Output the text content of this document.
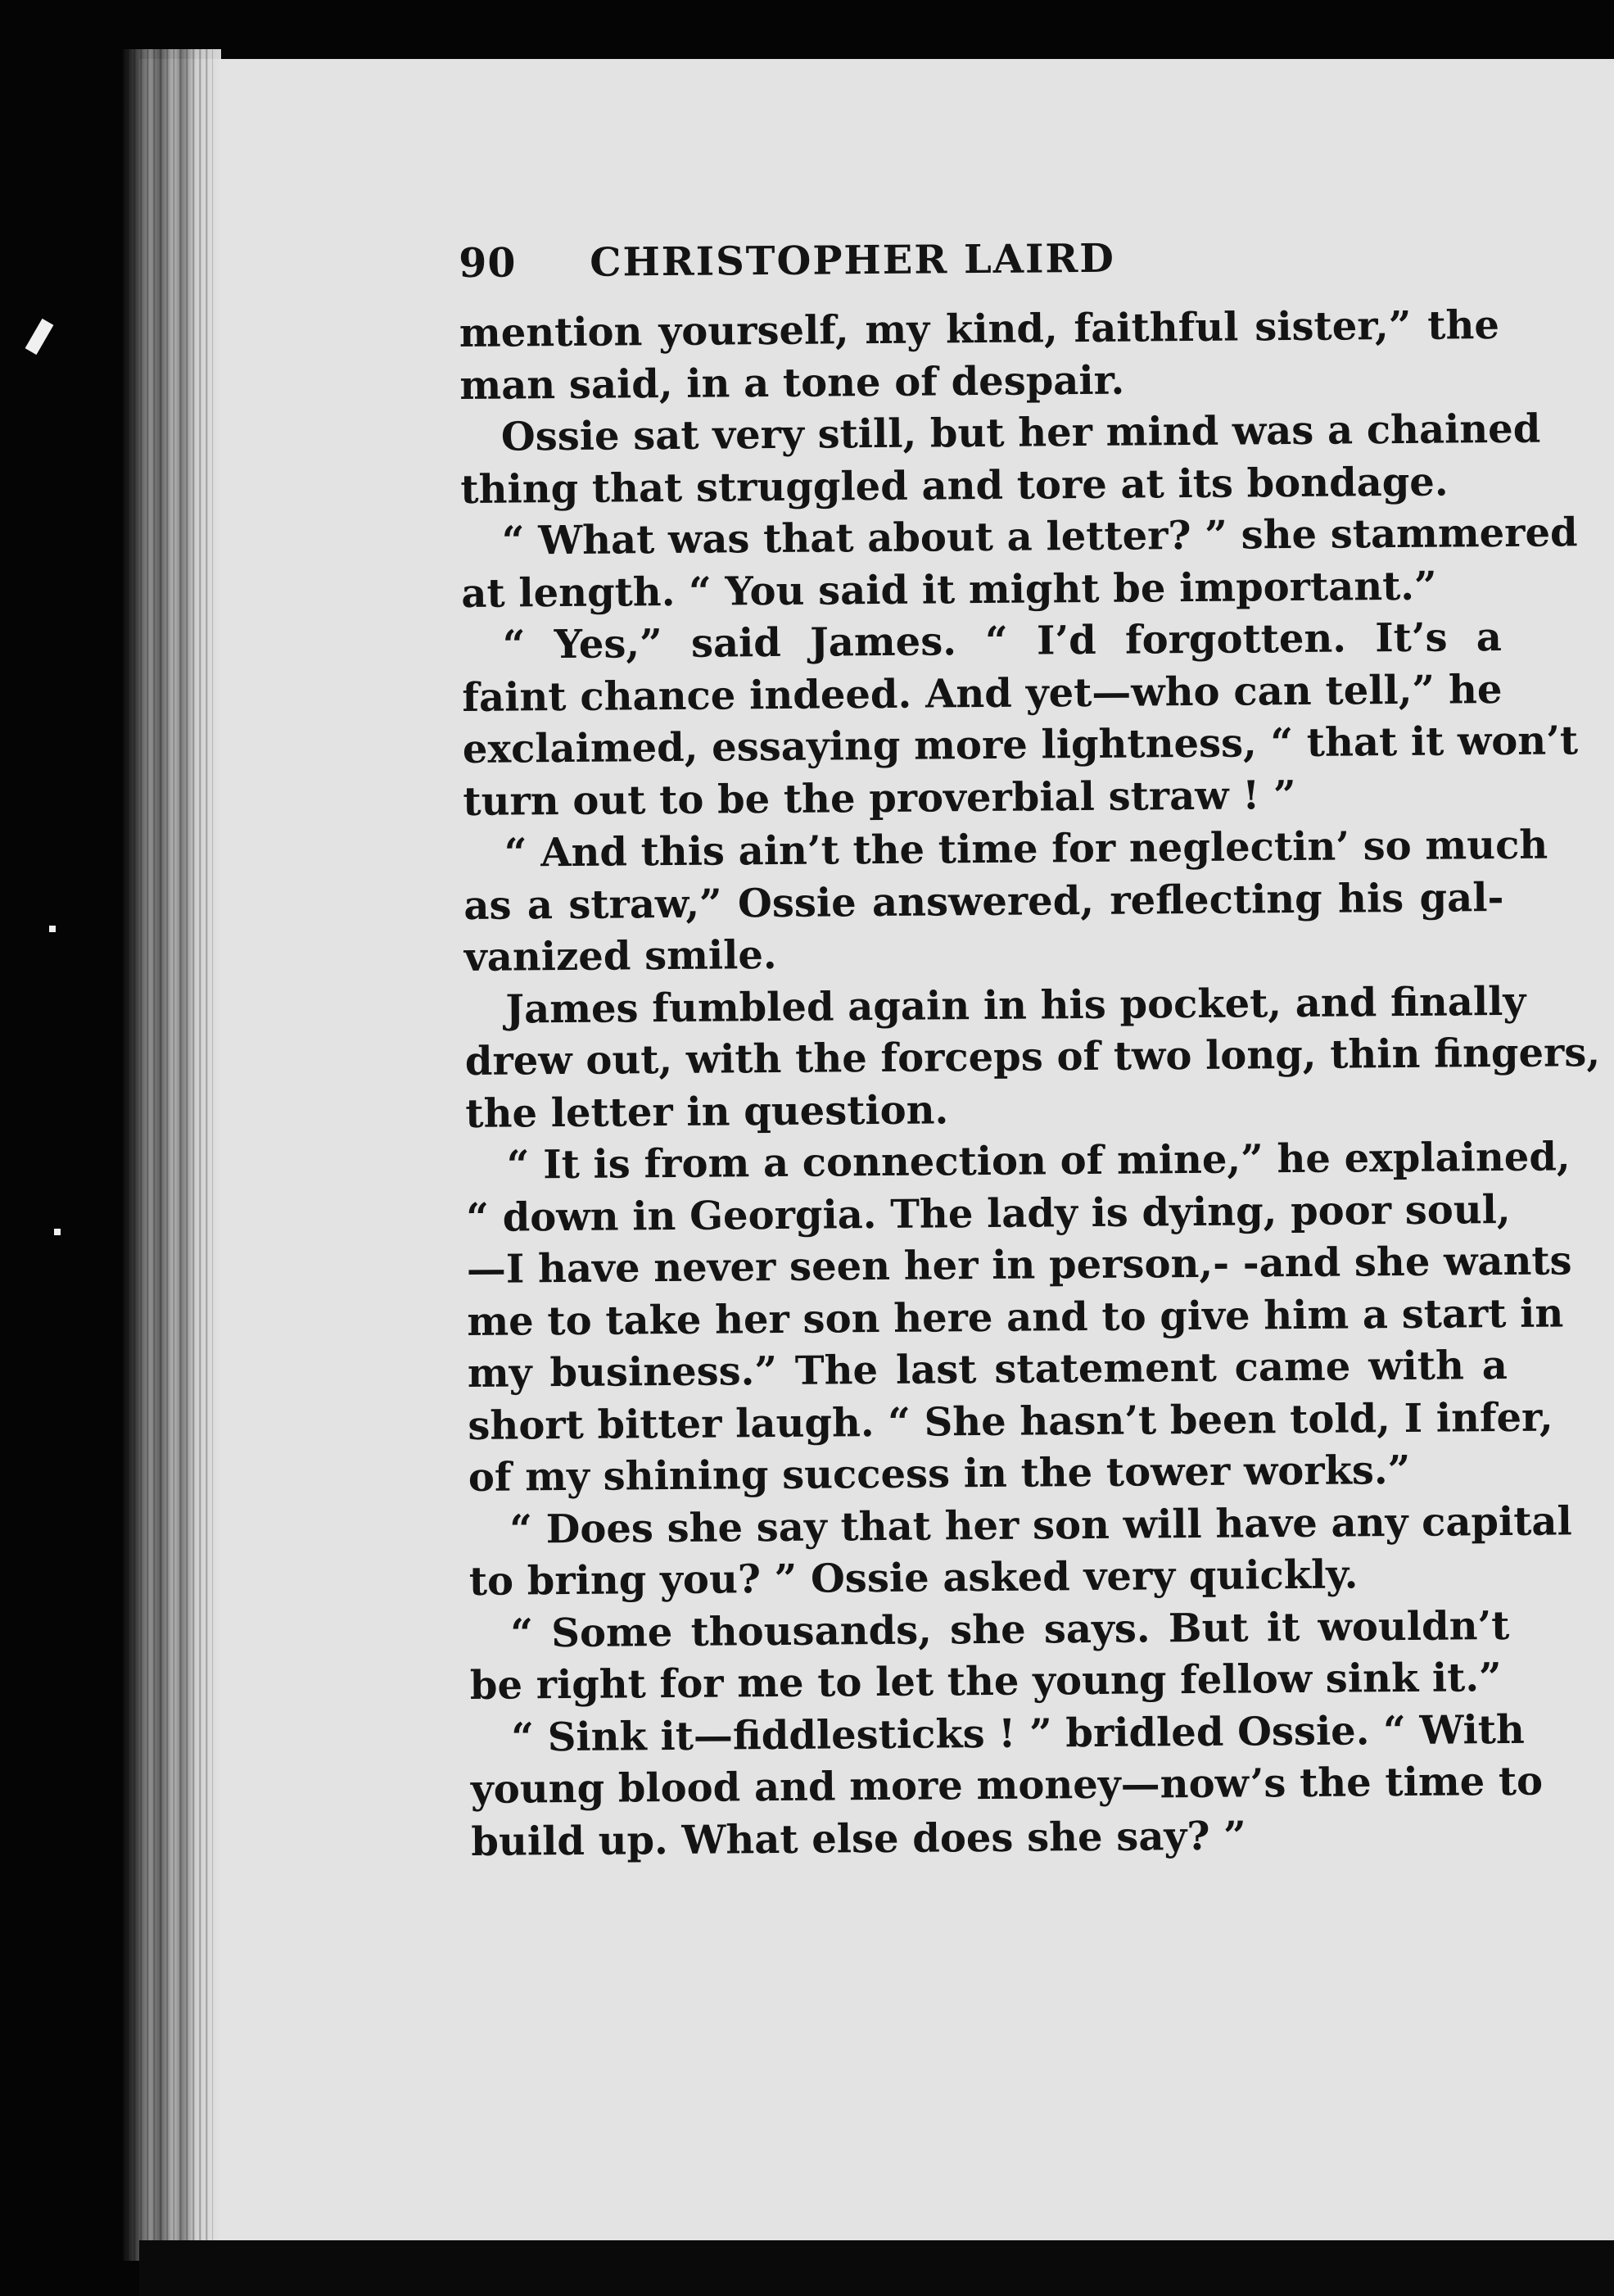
90	CHRISTOPHER LAIRD
mention yourself, my kind, faithful sister,” the
man said, in a tone of despair.
Ossie sat very still, but her mind was a chained
thing that struggled and tore at its bondage.
“ What was that about a letter? ” she stammered
at length. “ You said it might be important.”
“ Yes,” said James. “ I’d forgotten. It’s a
faint chance indeed. And yet—who can tell,” he
exclaimed, essaying more lightness, “ that it won’t
turn out to be the proverbial straw ! ”
“ And this ain’t the time for neglectin’ so much
as a straw,” Ossie answered, reflecting his gal-
vanized smile.
James fumbled again in his pocket, and finally
drew out, with the forceps of two long, thin fingers,
the letter in question.
“ It is from a connection of mine,” he explained,
“ down in Georgia. The lady is dying, poor soul,
—I have never seen her in person,- -and she wants
me to take her son here and to give him a start in
my business.” The last statement came with a
short bitter laugh. “ She hasn’t been told, I infer,
of my shining success in the tower works.”
“ Does she say that her son will have any capital
to bring you? ” Ossie asked very quickly.
“ Some thousands, she says. But it wouldn’t
be right for me to let the young fellow sink it.”
“ Sink it—fiddlesticks ! ” bridled Ossie. “ With
young blood and more money—now’s the time to
build up. What else does she say? ”
